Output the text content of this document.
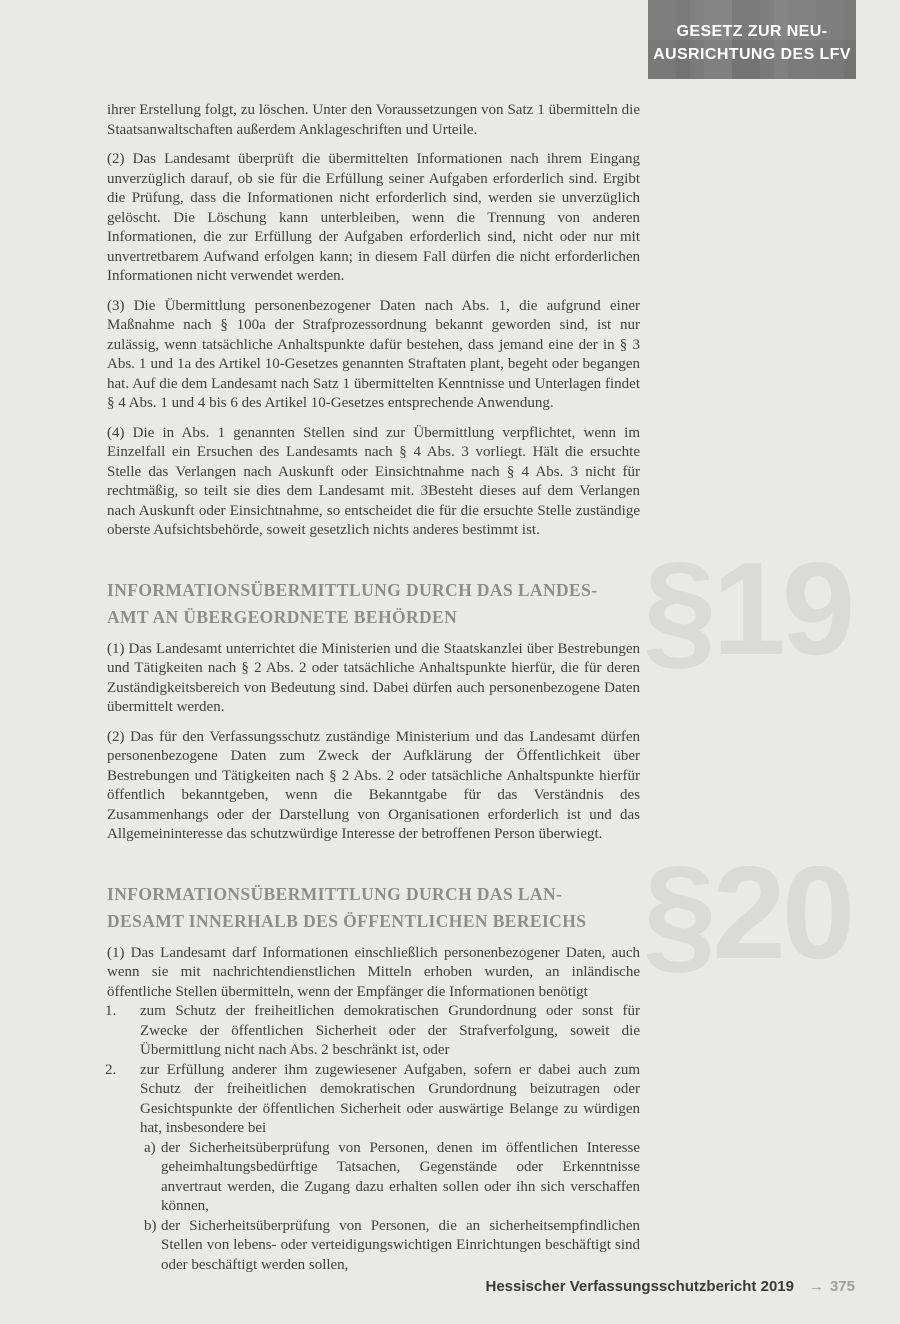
GESETZ ZUR NEU-
AUSRICHTUNG DES LFV

ihrer Erstellung folgt, zu löschen. Unter den Voraussetzungen von Satz 1 übermitteln die Staatsanwaltschaften außerdem Anklageschriften und Urteile.

(2) Das Landesamt überprüft die übermittelten Informationen nach ihrem Eingang unverzüglich darauf, ob sie für die Erfüllung seiner Aufgaben erforderlich sind. Ergibt die Prüfung, dass die Informationen nicht erforderlich sind, werden sie unverzüglich gelöscht. Die Löschung kann unterbleiben, wenn die Trennung von anderen Informationen, die zur Erfüllung der Aufgaben erforderlich sind, nicht oder nur mit unvertretbarem Aufwand erfolgen kann; in diesem Fall dürfen die nicht erforderlichen Informationen nicht verwendet werden.

(3) Die Übermittlung personenbezogener Daten nach Abs. 1, die aufgrund einer Maßnahme nach § 100a der Strafprozessordnung bekannt geworden sind, ist nur zulässig, wenn tatsächliche Anhaltspunkte dafür bestehen, dass jemand eine der in § 3 Abs. 1 und 1a des Artikel 10-Gesetzes genannten Straftaten plant, begeht oder begangen hat. Auf die dem Landesamt nach Satz 1 übermittelten Kenntnisse und Unterlagen findet § 4 Abs. 1 und 4 bis 6 des Artikel 10-Gesetzes entsprechende Anwendung.

(4) Die in Abs. 1 genannten Stellen sind zur Übermittlung verpflichtet, wenn im Einzelfall ein Ersuchen des Landesamts nach § 4 Abs. 3 vorliegt. Hält die ersuchte Stelle das Verlangen nach Auskunft oder Einsichtnahme nach § 4 Abs. 3 nicht für rechtmäßig, so teilt sie dies dem Landesamt mit. 3Besteht dieses auf dem Verlangen nach Auskunft oder Einsichtnahme, so entscheidet die für die ersuchte Stelle zuständige oberste Aufsichtsbehörde, soweit gesetzlich nichts anderes bestimmt ist.

§19
INFORMATIONSÜBERMITTLUNG DURCH DAS LANDES-
AMT AN ÜBERGEORDNETE BEHÖRDEN

(1) Das Landesamt unterrichtet die Ministerien und die Staatskanzlei über Bestrebungen und Tätigkeiten nach § 2 Abs. 2 oder tatsächliche Anhaltspunkte hierfür, die für deren Zuständigkeitsbereich von Bedeutung sind. Dabei dürfen auch personenbezogene Daten übermittelt werden.

(2) Das für den Verfassungsschutz zuständige Ministerium und das Landesamt dürfen personenbezogene Daten zum Zweck der Aufklärung der Öffentlichkeit über Bestrebungen und Tätigkeiten nach § 2 Abs. 2 oder tatsächliche Anhaltspunkte hierfür öffentlich bekanntgeben, wenn die Bekanntgabe für das Verständnis des Zusammenhangs oder der Darstellung von Organisationen erforderlich ist und das Allgemeininteresse das schutzwürdige Interesse der betroffenen Person überwiegt.

§20
INFORMATIONSÜBERMITTLUNG DURCH DAS LAN-
DESAMT INNERHALB DES ÖFFENTLICHEN BEREICHS

(1) Das Landesamt darf Informationen einschließlich personenbezogener Daten, auch wenn sie mit nachrichtendienstlichen Mitteln erhoben wurden, an inländische öffentliche Stellen übermitteln, wenn der Empfänger die Informationen benötigt

1. zum Schutz der freiheitlichen demokratischen Grundordnung oder sonst für Zwecke der öffentlichen Sicherheit oder der Strafverfolgung, soweit die Übermittlung nicht nach Abs. 2 beschränkt ist, oder
2. zur Erfüllung anderer ihm zugewiesener Aufgaben, sofern er dabei auch zum Schutz der freiheitlichen demokratischen Grundordnung beizutragen oder Gesichtspunkte der öffentlichen Sicherheit oder auswärtige Belange zu würdigen hat, insbesondere bei
a) der Sicherheitsüberprüfung von Personen, denen im öffentlichen Interesse geheimhaltungsbedürftige Tatsachen, Gegenstände oder Erkenntnisse anvertraut werden, die Zugang dazu erhalten sollen oder ihn sich verschaffen können,
b) der Sicherheitsüberprüfung von Personen, die an sicherheitsempfindlichen Stellen von lebens- oder verteidigungswichtigen Einrichtungen beschäftigt sind oder beschäftigt werden sollen,
Hessischer Verfassungsschutzbericht 2019 → 375
